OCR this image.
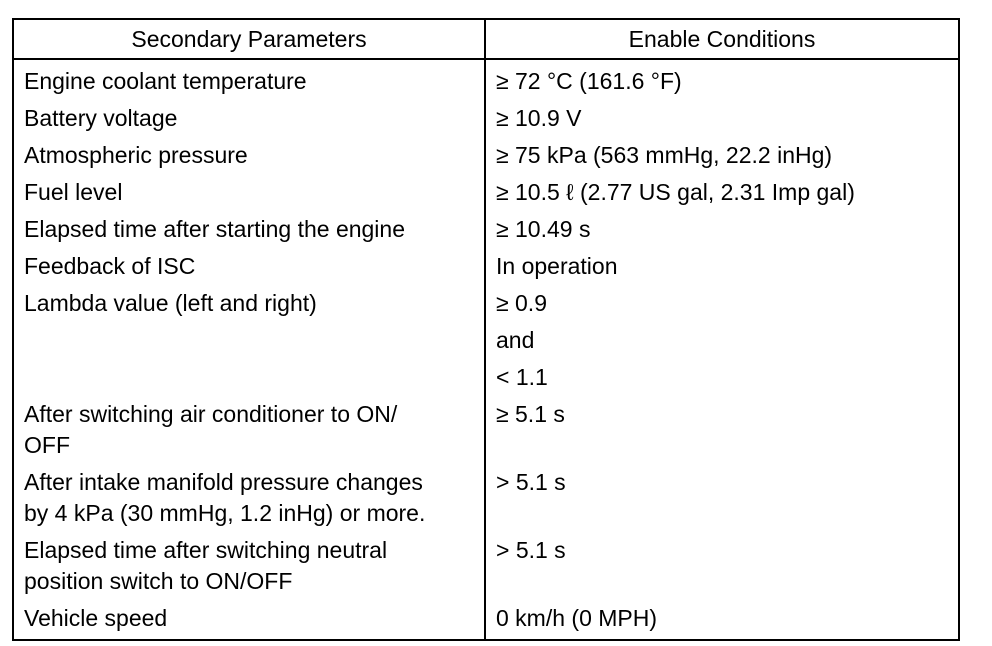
Secondary Parameters	Enable Conditions
Engine coolant temperature	≥ 72 °C (161.6 °F)
Battery voltage	≥ 10.9 V
Atmospheric pressure	≥ 75 kPa (563 mmHg, 22.2 inHg)
Fuel level	≥ 10.5 ℓ (2.77 US gal, 2.31 Imp gal)
Elapsed time after starting the engine	≥ 10.49 s
Feedback of ISC	In operation
Lambda value (left and right)	≥ 0.9
	and
	< 1.1
After switching air conditioner to ON/
OFF	≥ 5.1 s
After intake manifold pressure changes
by 4 kPa (30 mmHg, 1.2 inHg) or more.	> 5.1 s
Elapsed time after switching neutral
position switch to ON/OFF	> 5.1 s
Vehicle speed	0 km/h (0 MPH)
